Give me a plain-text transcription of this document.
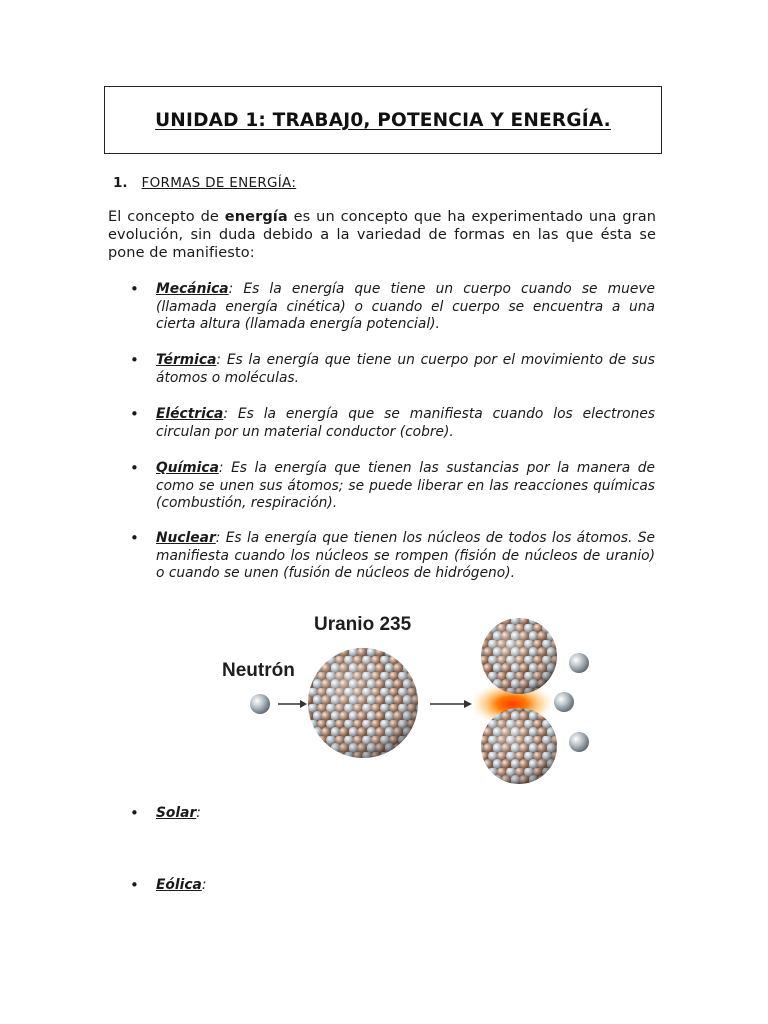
UNIDAD 1: TRABAJ0, POTENCIA Y ENERGÍA.
1. FORMAS DE ENERGÍA:

El concepto de energía es un concepto que ha experimentado una gran evolución, sin duda debido a la variedad de formas en las que ésta se pone de manifiesto:

• Mecánica: Es la energía que tiene un cuerpo cuando se mueve (llamada energía cinética) o cuando el cuerpo se encuentra a una cierta altura (llamada energía potencial).
• Térmica: Es la energía que tiene un cuerpo por el movimiento de sus átomos o moléculas.
• Eléctrica: Es la energía que se manifiesta cuando los electrones circulan por un material conductor (cobre).
• Química: Es la energía que tienen las sustancias por la manera de como se unen sus átomos; se puede liberar en las reacciones químicas (combustión, respiración).
• Nuclear: Es la energía que tienen los núcleos de todos los átomos. Se manifiesta cuando los núcleos se rompen (fisión de núcleos de uranio) o cuando se unen (fusión de núcleos de hidrógeno).
• Solar:
• Eólica:
Uranio 235
Neutrón
